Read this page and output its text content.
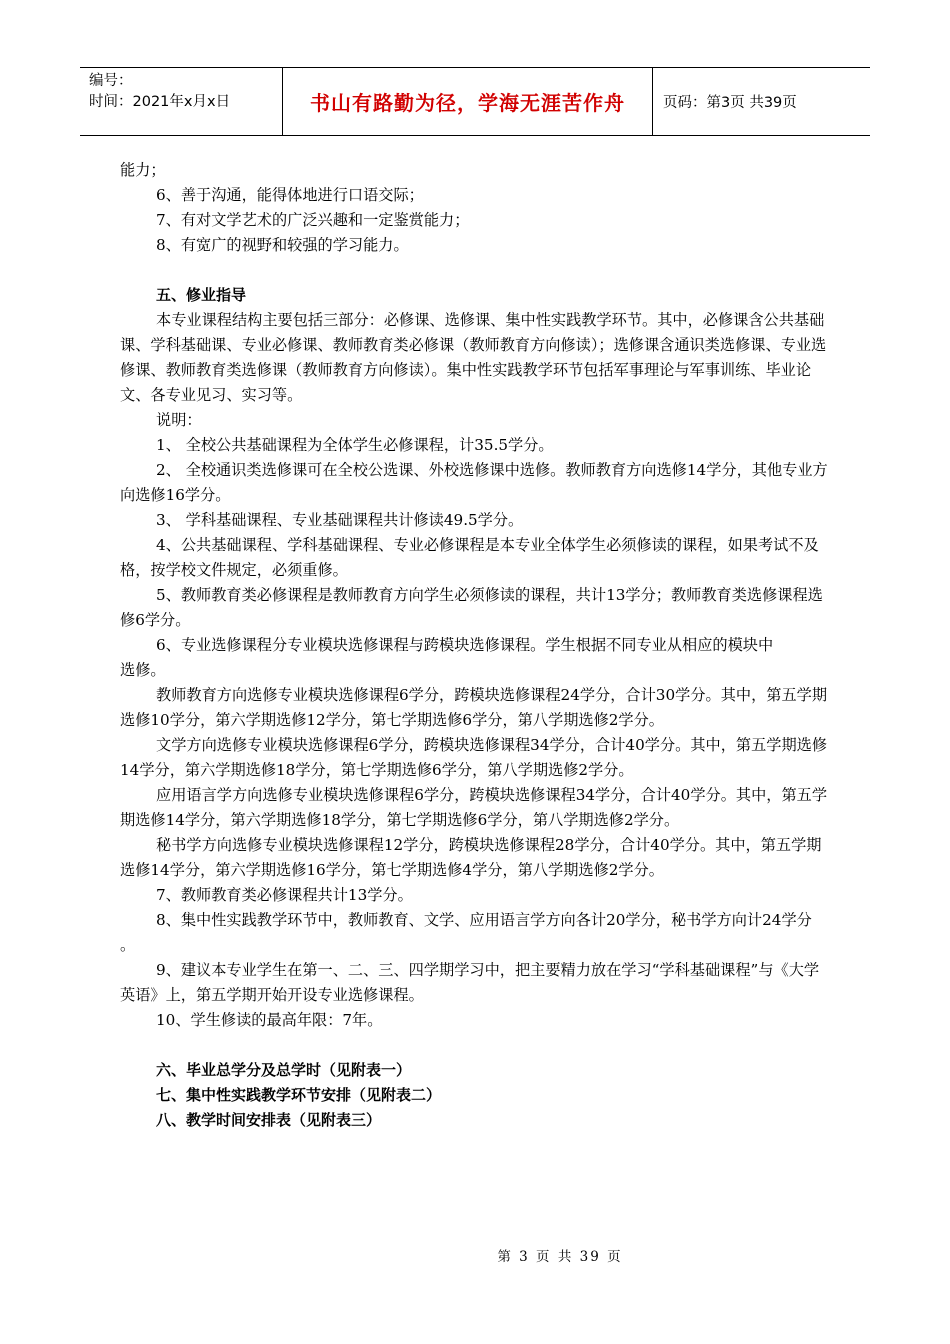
编号：
时间：2021年x月x日	书山有路勤为径，学海无涯苦作舟	页码：第3页 共39页

能力；

6、善于沟通，能得体地进行口语交际；

7、有对文学艺术的广泛兴趣和一定鉴赏能力；

8、有宽广的视野和较强的学习能力。

五、修业指导

本专业课程结构主要包括三部分：必修课、选修课、集中性实践教学环节。其中，必修课含公共基础课、学科基础课、专业必修课、教师教育类必修课（教师教育方向修读）；选修课含通识类选修课、专业选修课、教师教育类选修课（教师教育方向修读）。集中性实践教学环节包括军事理论与军事训练、毕业论文、各专业见习、实习等。

说明：

1、 全校公共基础课程为全体学生必修课程，计35.5学分。

2、 全校通识类选修课可在全校公选课、外校选修课中选修。教师教育方向选修14学分，其他专业方向选修16学分。

3、 学科基础课程、专业基础课程共计修读49.5学分。

4、公共基础课程、学科基础课程、专业必修课程是本专业全体学生必须修读的课程，如果考试不及格，按学校文件规定，必须重修。

5、教师教育类必修课程是教师教育方向学生必须修读的课程，共计13学分；教师教育类选修课程选修6学分。

6、专业选修课程分专业模块选修课程与跨模块选修课程。学生根据不同专业从相应的模块中

选修。

教师教育方向选修专业模块选修课程6学分，跨模块选修课程24学分，合计30学分。其中，第五学期选修10学分，第六学期选修12学分，第七学期选修6学分，第八学期选修2学分。

文学方向选修专业模块选修课程6学分，跨模块选修课程34学分，合计40学分。其中，第五学期选修14学分，第六学期选修18学分，第七学期选修6学分，第八学期选修2学分。

应用语言学方向选修专业模块选修课程6学分，跨模块选修课程34学分，合计40学分。其中，第五学期选修14学分，第六学期选修18学分，第七学期选修6学分，第八学期选修2学分。

秘书学方向选修专业模块选修课程12学分，跨模块选修课程28学分，合计40学分。其中，第五学期选修14学分，第六学期选修16学分，第七学期选修4学分，第八学期选修2学分。

7、教师教育类必修课程共计13学分。

8、集中性实践教学环节中，教师教育、文学、应用语言学方向各计20学分，秘书学方向计24学分 。

9、建议本专业学生在第一、二、三、四学期学习中，把主要精力放在学习“学科基础课程”与《大学英语》上，第五学期开始开设专业选修课程。

10、学生修读的最高年限：7年。

六、毕业总学分及总学时（见附表一）

七、集中性实践教学环节安排（见附表二）

八、教学时间安排表（见附表三）

第 3 页 共 39 页
